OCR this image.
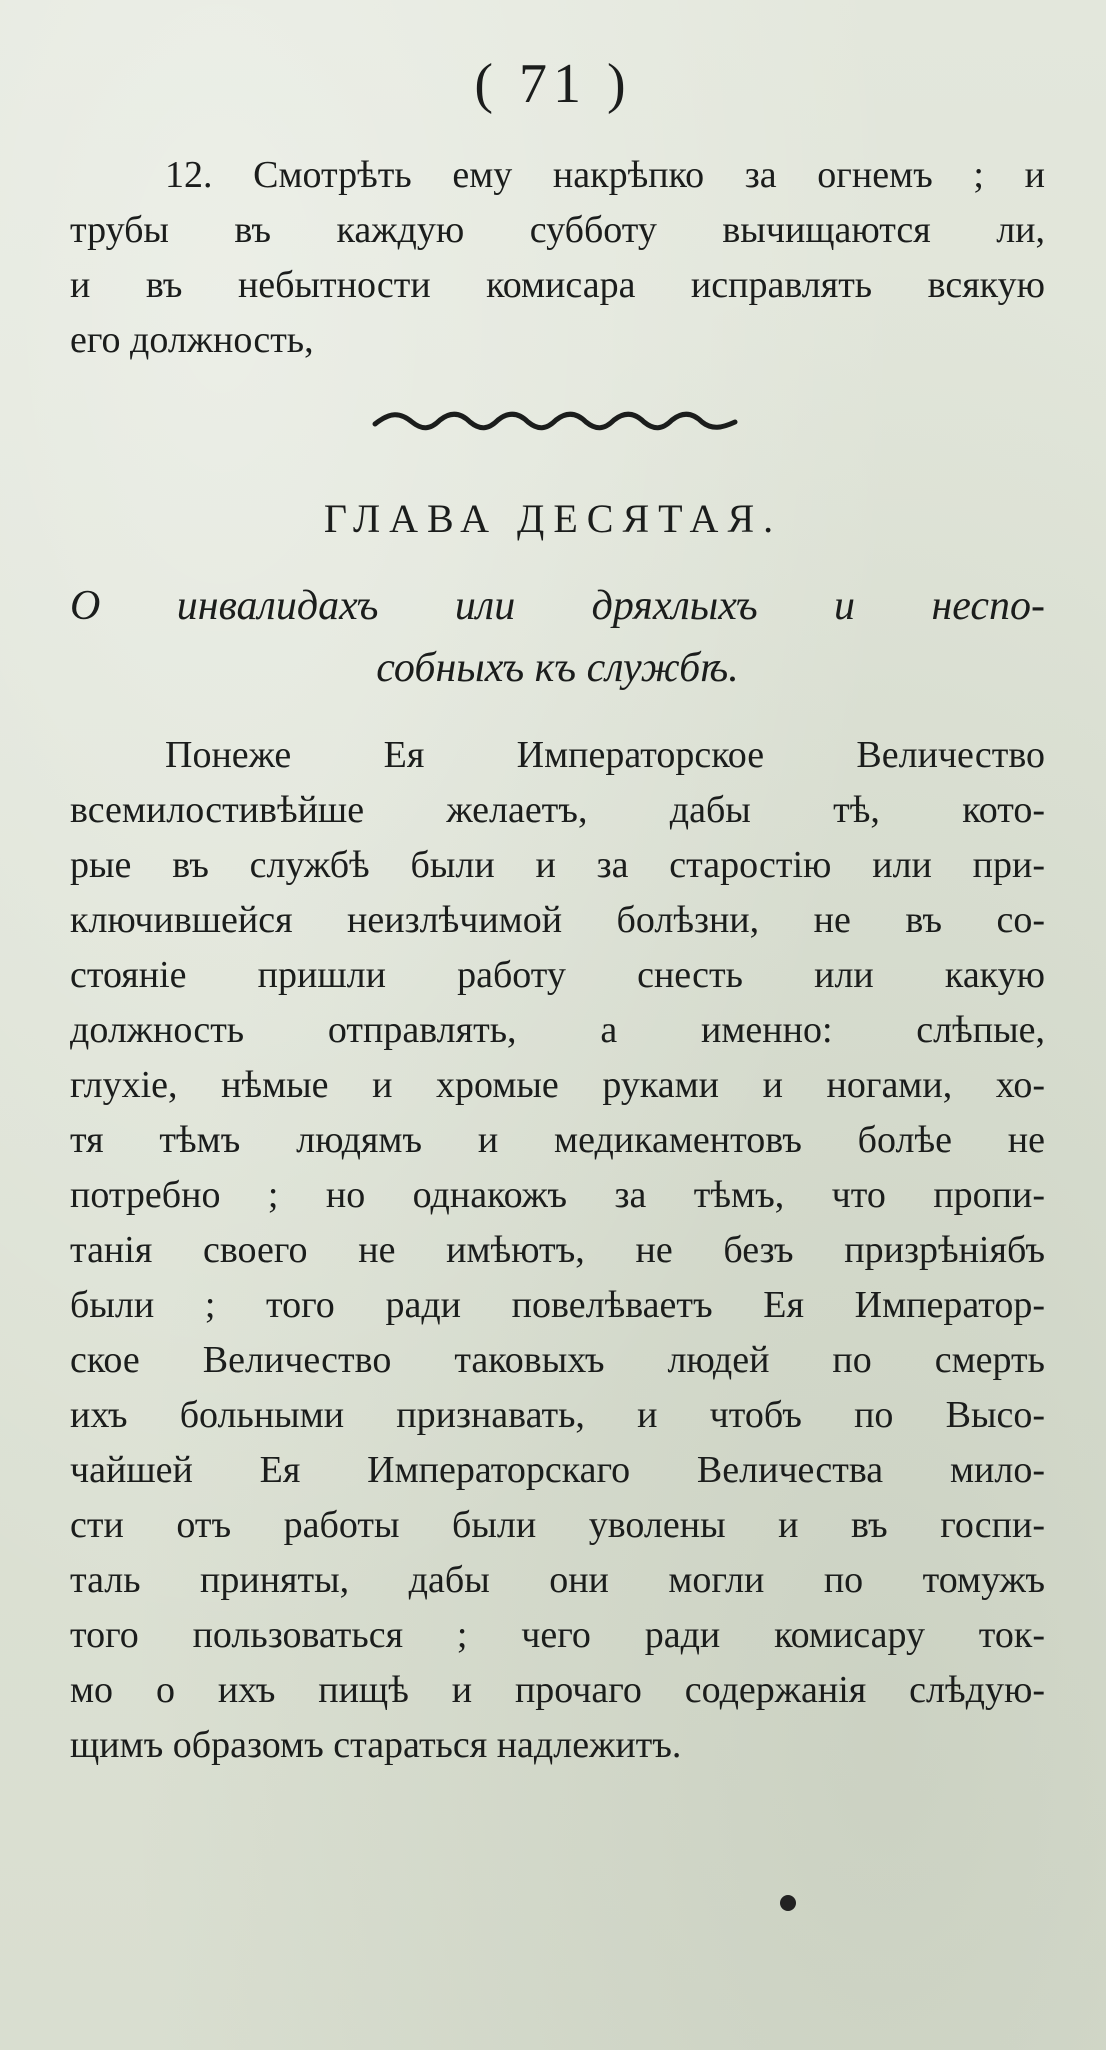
( 71 )
12. Смотрѣть ему накрѣпко за огнемъ ; и
трубы въ каждую субботу вычищаются ли,
и въ небытности комисара исправлять всякую
его должность,
ГЛАВА ДЕСЯТАЯ.
О инвалидахъ или дряхлыхъ и неспо-
собныхъ къ службѣ.
Понеже Ея Императорское Величество
всемилостивѣйше желаетъ, дабы тѣ, кото-
рые въ службѣ были и за старостію или при-
ключившейся неизлѣчимой болѣзни, не въ со-
стояніе пришли работу снесть или какую
должность отправлять, а именно: слѣпые,
глухіе, нѣмые и хромые руками и ногами, хо-
тя тѣмъ людямъ и медикаментовъ болѣе не
потребно ; но однакожъ за тѣмъ, что пропи-
танія своего не имѣютъ, не безъ призрѣніябъ
были ; того ради повелѣваетъ Ея Император-
ское Величество таковыхъ людей по смерть
ихъ больными признавать, и чтобъ по Высо-
чайшей Ея Императорскаго Величества мило-
сти отъ работы были уволены и въ госпи-
таль приняты, дабы они могли по томужъ
того пользоваться ; чего ради комисару ток-
мо о ихъ пищѣ и прочаго содержанія слѣдую-
щимъ образомъ стараться надлежитъ.
